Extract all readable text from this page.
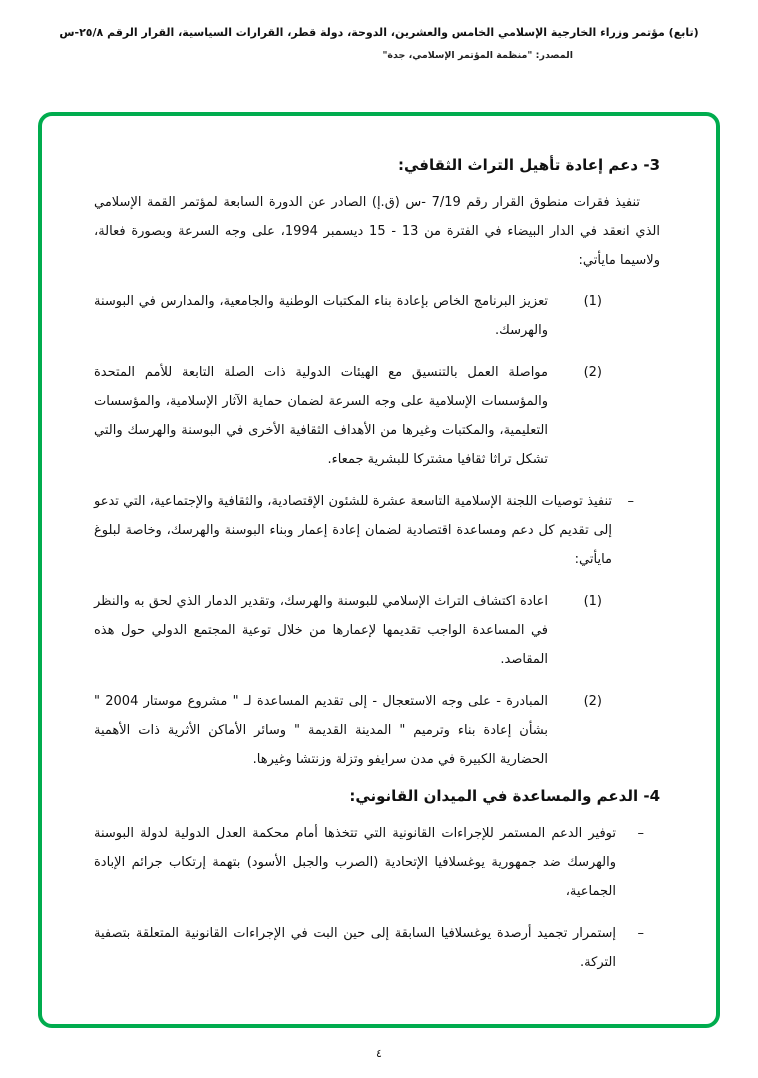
(تابع) مؤتمر وزراء الخارجية الإسلامي الخامس والعشرين، الدوحة، دولة قطر، القرارات السياسية، القرار الرقم ٢٥/٨-س
المصدر: "منظمة المؤتمر الإسلامي، جدة"
3- دعم إعادة تأهيل التراث الثقافي:

تنفيذ فقرات منطوق القرار رقم 7/19 -س (ق.إ) الصادر عن الدورة السابعة لمؤتمر القمة الإسلامي الذي انعقد في الدار البيضاء في الفترة من 13 - 15 ديسمبر 1994، على وجه السرعة وبصورة فعالة، ولاسيما مايأتي:

(1)

تعزيز البرنامج الخاص بإعادة بناء المكتبات الوطنية والجامعية، والمدارس في البوسنة والهرسك.

(2)

مواصلة العمل بالتنسيق مع الهيئات الدولية ذات الصلة التابعة للأمم المتحدة والمؤسسات الإسلامية على وجه السرعة لضمان حماية الآثار الإسلامية، والمؤسسات التعليمية، والمكتبات وغيرها من الأهداف الثقافية الأخرى في البوسنة والهرسك والتي تشكل تراثا ثقافيا مشتركا للبشرية جمعاء.

–

تنفيذ توصيات اللجنة الإسلامية التاسعة عشرة للشئون الإقتصادية، والثقافية والإجتماعية، التي تدعو إلى تقديم كل دعم ومساعدة اقتصادية لضمان إعادة إعمار وبناء البوسنة والهرسك، وخاصة لبلوغ مايأتي:

(1)

اعادة اكتشاف التراث الإسلامي للبوسنة والهرسك، وتقدير الدمار الذي لحق به والنظر في المساعدة الواجب تقديمها لإعمارها من خلال توعية المجتمع الدولي حول هذه المقاصد.

(2)

المبادرة - على وجه الاستعجال - إلى تقديم المساعدة لـ " مشروع موستار 2004 " بشأن إعادة بناء وترميم " المدينة القديمة " وسائر الأماكن الأثرية ذات الأهمية الحضارية الكبيرة في مدن سرايفو وتزلة وزنتشا وغيرها.

4- الدعم والمساعدة في الميدان القانوني:
–

توفير الدعم المستمر للإجراءات القانونية التي تتخذها أمام محكمة العدل الدولية لدولة البوسنة والهرسك ضد جمهورية يوغسلافيا الإتحادية (الصرب والجبل الأسود) بتهمة إرتكاب جرائم الإبادة الجماعية،

–

إستمرار تجميد أرصدة يوغسلافيا السابقة إلى حين البت في الإجراءات القانونية المتعلقة بتصفية التركة.

٤
